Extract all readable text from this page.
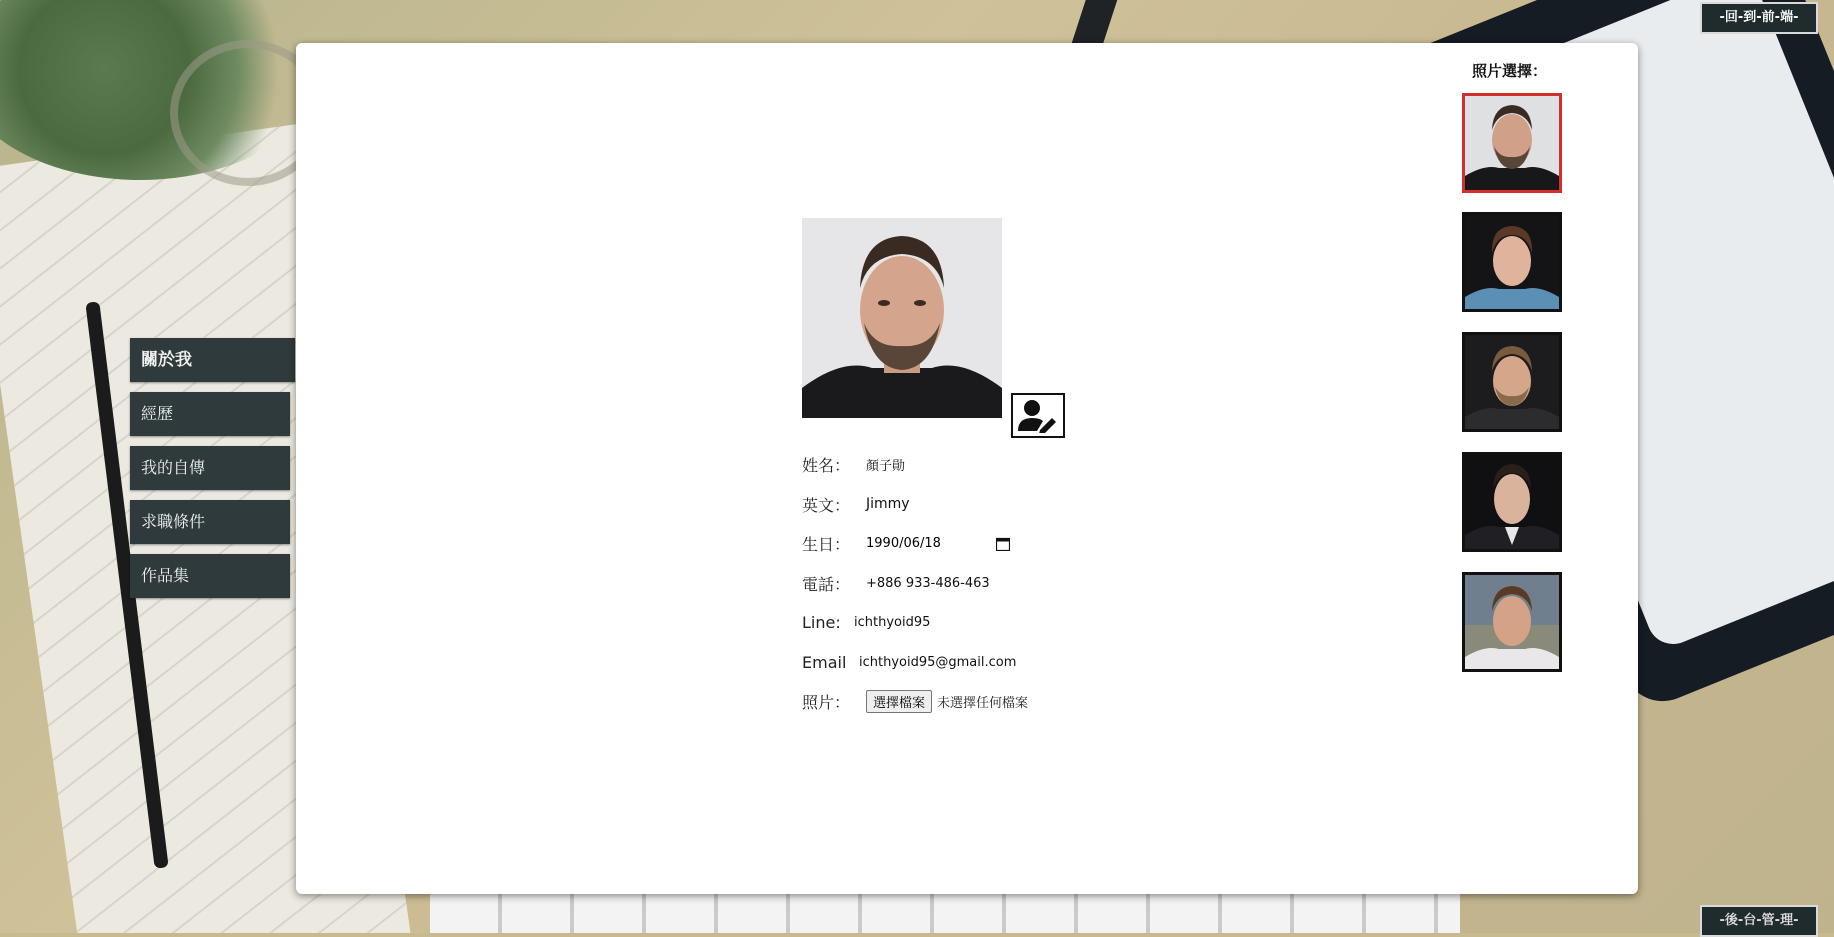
-回-到-前-端-
-後-台-管-理-
關於我
經歷
我的自傳
求職條件
作品集
姓名：	顏子勛
英文：	Jimmy
生日：	1990/06/18
電話：	+886 933-486-463
Line:	ichthyoid95
Email ichthyoid95@gmail.com
照片：	選擇檔案 未選擇任何檔案
照片選擇：
